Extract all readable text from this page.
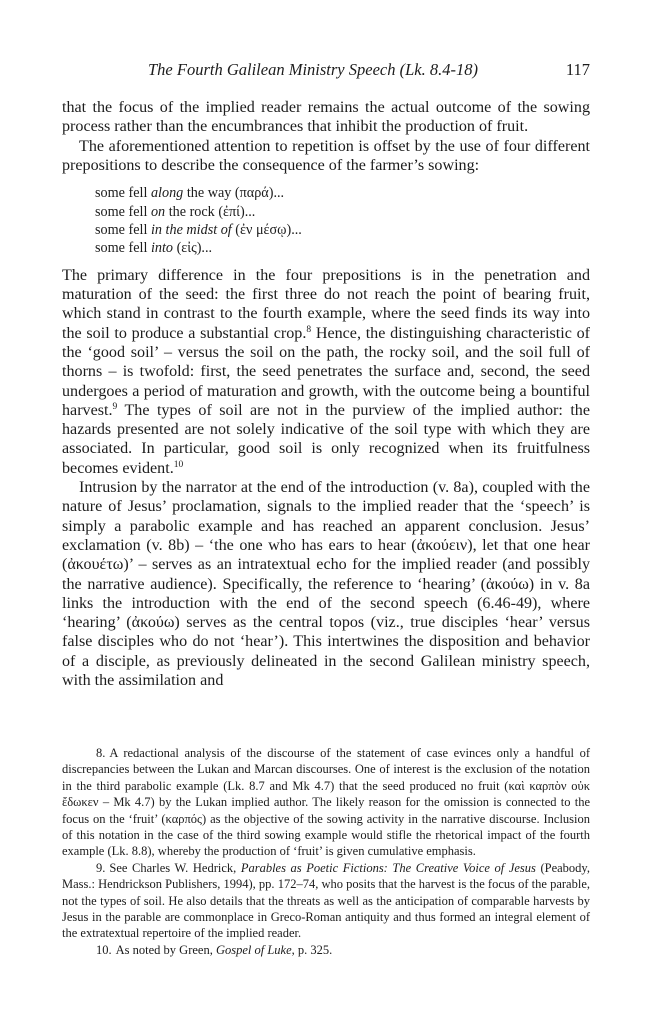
The Fourth Galilean Ministry Speech (Lk. 8.4-18)	117

that the focus of the implied reader remains the actual outcome of the sowing process rather than the encumbrances that inhibit the production of fruit.

The aforementioned attention to repetition is offset by the use of four different prepositions to describe the consequence of the farmer’s sowing:

some fell along the way (παρά)...
some fell on the rock (ἐπί)...
some fell in the midst of (ἐν μέσῳ)...
some fell into (εἰς)...

The primary difference in the four prepositions is in the penetration and maturation of the seed: the first three do not reach the point of bearing fruit, which stand in contrast to the fourth example, where the seed finds its way into the soil to produce a substantial crop.$^8$ Hence, the distinguishing characteristic of the ‘good soil’ – versus the soil on the path, the rocky soil, and the soil full of thorns – is twofold: first, the seed penetrates the surface and, second, the seed undergoes a period of maturation and growth, with the outcome being a bountiful harvest.$^9$ The types of soil are not in the purview of the implied author: the hazards presented are not solely indicative of the soil type with which they are associated. In particular, good soil is only recognized when its fruitfulness becomes evident.$^{10}$

Intrusion by the narrator at the end of the introduction (v. 8a), coupled with the nature of Jesus’ proclamation, signals to the implied reader that the ‘speech’ is simply a parabolic example and has reached an apparent conclusion. Jesus’ exclamation (v. 8b) – ‘the one who has ears to hear (ἀκούειν), let that one hear (ἀκουέτω)’ – serves as an intratextual echo for the implied reader (and possibly the narrative audience). Specifically, the reference to ‘hearing’ (ἀκούω) in v. 8a links the introduction with the end of the second speech (6.46-49), where ‘hearing’ (ἀκούω) serves as the central topos (viz., true disciples ‘hear’ versus false disciples who do not ‘hear’). This intertwines the disposition and behavior of a disciple, as previously delineated in the second Galilean ministry speech, with the assimilation and

8. A redactional analysis of the discourse of the statement of case evinces only a handful of discrepancies between the Lukan and Marcan discourses. One of interest is the exclusion of the notation in the third parabolic example (Lk. 8.7 and Mk 4.7) that the seed produced no fruit (καὶ καρπὸν οὐκ ἔδωκεν – Mk 4.7) by the Lukan implied author. The likely reason for the omission is connected to the focus on the ‘fruit’ (καρπός) as the objective of the sowing activity in the narrative discourse. Inclusion of this notation in the case of the third sowing example would stifle the rhetorical impact of the fourth example (Lk. 8.8), whereby the production of ‘fruit’ is given cumulative emphasis.

9. See Charles W. Hedrick, Parables as Poetic Fictions: The Creative Voice of Jesus (Peabody, Mass.: Hendrickson Publishers, 1994), pp. 172–74, who posits that the harvest is the focus of the parable, not the types of soil. He also details that the threats as well as the anticipation of comparable harvests by Jesus in the parable are commonplace in Greco-Roman antiquity and thus formed an integral element of the extratextual repertoire of the implied reader.

10. As noted by Green, Gospel of Luke, p. 325.
